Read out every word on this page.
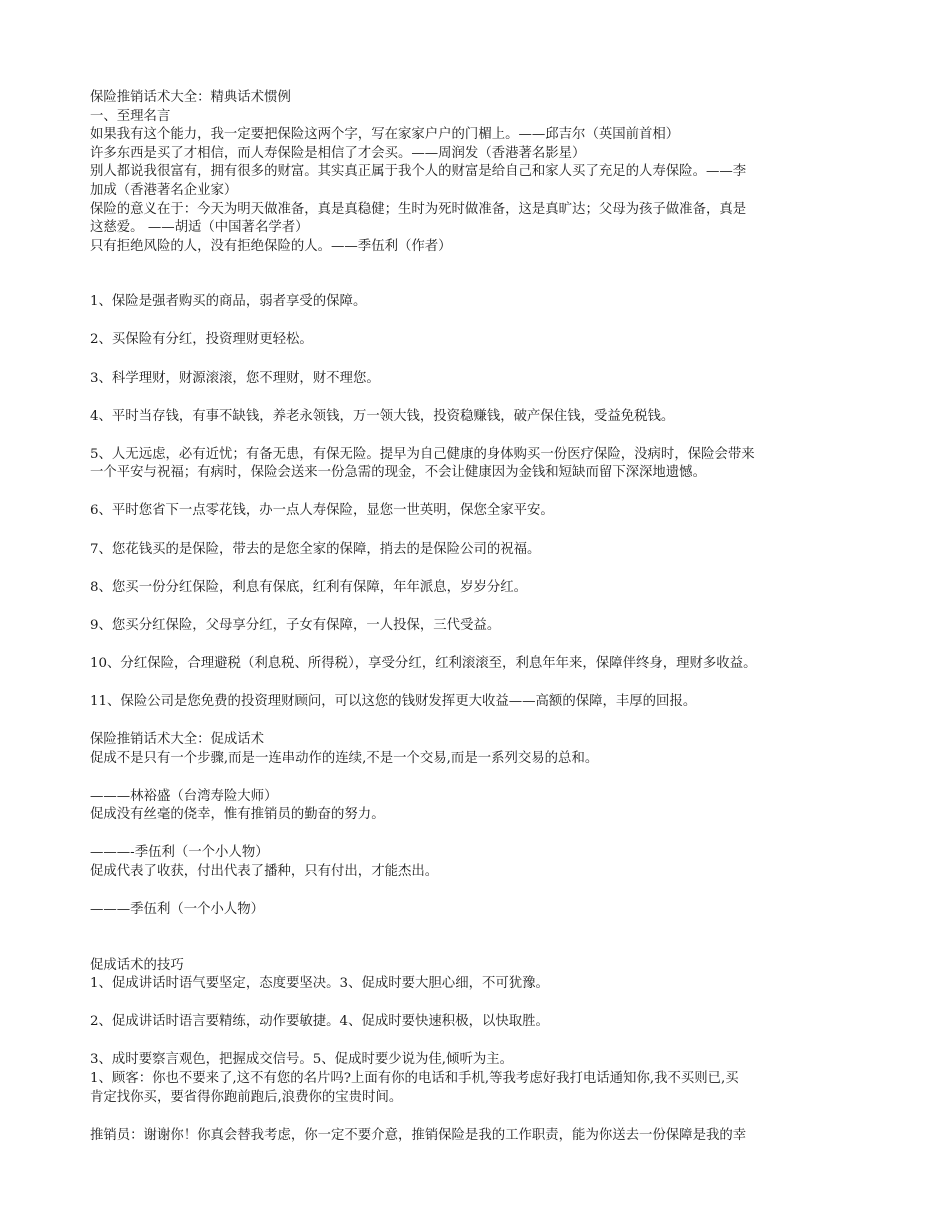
保险推销话术大全：精典话术惯例
一、至理名言
如果我有这个能力，我一定要把保险这两个字，写在家家户户的门楣上。——邱吉尔（英国前首相）
许多东西是买了才相信，而人寿保险是相信了才会买。——周润发（香港著名影星）
别人都说我很富有，拥有很多的财富。其实真正属于我个人的财富是给自己和家人买了充足的人寿保险。——李
加成（香港著名企业家）
保险的意义在于：今天为明天做准备，真是真稳健；生时为死时做准备，这是真旷达；父母为孩子做准备，真是
这慈爱。 ——胡适（中国著名学者）
只有拒绝风险的人，没有拒绝保险的人。——季伍利（作者）
1、保险是强者购买的商品，弱者享受的保障。
2、买保险有分红，投资理财更轻松。
3、科学理财，财源滚滚，您不理财，财不理您。
4、平时当存钱，有事不缺钱，养老永领钱，万一领大钱，投资稳赚钱，破产保住钱，受益免税钱。
5、人无远虑，必有近忧；有备无患，有保无险。提早为自己健康的身体购买一份医疗保险，没病时，保险会带来
一个平安与祝福；有病时，保险会送来一份急需的现金，不会让健康因为金钱和短缺而留下深深地遗憾。
6、平时您省下一点零花钱，办一点人寿保险，显您一世英明，保您全家平安。
7、您花钱买的是保险，带去的是您全家的保障，捎去的是保险公司的祝福。
8、您买一份分红保险，利息有保底，红利有保障，年年派息，岁岁分红。
9、您买分红保险，父母享分红，子女有保障，一人投保，三代受益。
10、分红保险，合理避税（利息税、所得税），享受分红，红利滚滚至，利息年年来，保障伴终身，理财多收益。
11、保险公司是您免费的投资理财顾问，可以这您的钱财发挥更大收益——高额的保障，丰厚的回报。
保险推销话术大全：促成话术
促成不是只有一个步骤,而是一连串动作的连续,不是一个交易,而是一系列交易的总和。
———林裕盛（台湾寿险大师）
促成没有丝毫的侥幸，惟有推销员的勤奋的努力。
———-季伍利（一个小人物）
促成代表了收获，付出代表了播种，只有付出，才能杰出。
———季伍利（一个小人物）
促成话术的技巧
1、促成讲话时语气要坚定，态度要坚决。3、促成时要大胆心细，不可犹豫。
2、促成讲话时语言要精练，动作要敏捷。4、促成时要快速积极，以快取胜。
3、成时要察言观色，把握成交信号。5、促成时要少说为佳,倾听为主。
1、顾客：你也不要来了,这不有您的名片吗?上面有你的电话和手机,等我考虑好我打电话通知你,我不买则已,买
肯定找你买，要省得你跑前跑后,浪费你的宝贵时间。
推销员：谢谢你！你真会替我考虑，你一定不要介意，推销保险是我的工作职责，能为你送去一份保障是我的幸
